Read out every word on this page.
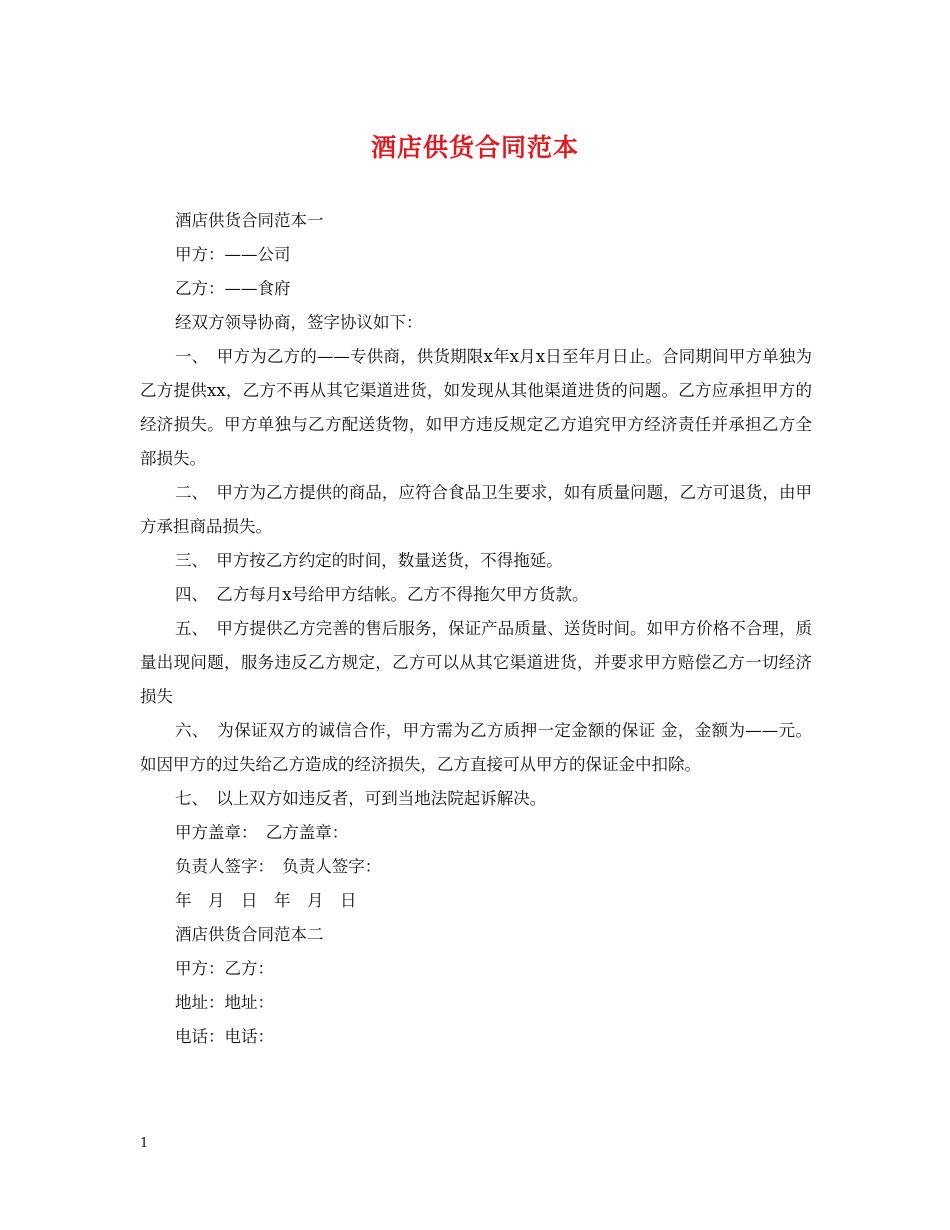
酒店供货合同范本

酒店供货合同范本一

甲方：——公司

乙方：——食府

经双方领导协商，签字协议如下：

一、　甲方为乙方的——专供商，供货期限x年x月x日至年月日止。合同期间甲方单独为乙方提供xx，乙方不再从其它渠道进货，如发现从其他渠道进货的问题。乙方应承担甲方的经济损失。甲方单独与乙方配送货物，如甲方违反规定乙方追究甲方经济责任并承担乙方全部损失。

二、　甲方为乙方提供的商品，应符合食品卫生要求，如有质量问题，乙方可退货，由甲方承担商品损失。

三、　甲方按乙方约定的时间，数量送货，不得拖延。

四、　乙方每月x号给甲方结帐。乙方不得拖欠甲方货款。

五、　甲方提供乙方完善的售后服务，保证产品质量、送货时间。如甲方价格不合理，质量出现问题，服务违反乙方规定，乙方可以从其它渠道进货，并要求甲方赔偿乙方一切经济损失

六、　为保证双方的诚信合作，甲方需为乙方质押一定金额的保证 金，金额为——元。如因甲方的过失给乙方造成的经济损失，乙方直接可从甲方的保证金中扣除。

七、　以上双方如违反者，可到当地法院起诉解决。

甲方盖章：　乙方盖章：

负责人签字：　负责人签字：

年　月　日　年　月　日

酒店供货合同范本二

甲方：乙方：

地址：地址：

电话：电话：

1
